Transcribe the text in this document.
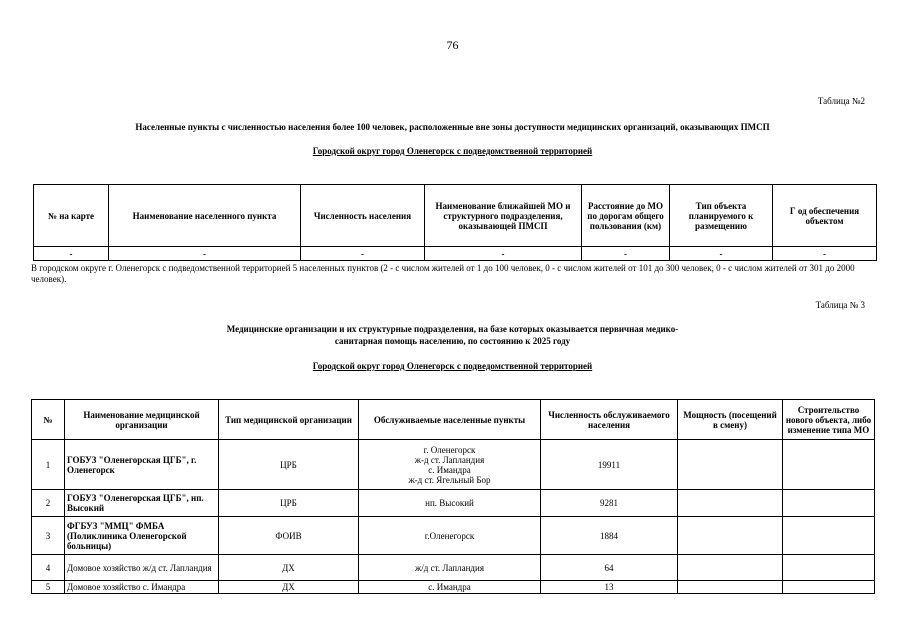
76
Таблица №2
Населенные пункты с численностью населения более 100 человек, расположенные вне зоны доступности медицинских организаций, оказывающих ПМСП
Городской округ город Оленегорск с подведомственной территорией
№ на карте	Наименование населенного пункта	Численность населения	Наименование ближайшей МО и структурного подразделения, оказывающей ПМСП	Расстояние до МО по дорогам общего пользования (км)	Тип объекта планируемого к размещению	Г од обеспечения объектом
-	-	-	-	-	-	-
В городском округе г. Оленегорск с подведомственной территорией 5 населенных пунктов (2 - с числом жителей от 1 до 100 человек, 0 - с числом жителей от 101 до 300 человек, 0 - с числом жителей от 301 до 2000 человек).
Таблица № 3
Медицинские организации и их структурные подразделения, на базе которых оказывается первичная медико-
санитарная помощь населению, по состоянию к 2025 году
Городской округ город Оленегорск с подведомственной территорией
№	Наименование медицинской организации	Тип медицинской организации	Обслуживаемые населенные пункты	Численность обслуживаемого населения	Мощность (посещений в смену)	Строительство нового объекта, либо изменение типа МО
1	ГОБУЗ "Оленегорская ЦГБ", г. Оленегорск	ЦРБ	г. Оленегорск
ж-д ст. Лапландия
с. Имандра
ж-д ст. Ягельный Бор	19911		
2	ГОБУЗ "Оленегорская ЦГБ", нп. Высокий	ЦРБ	нп. Высокий	9281		
3	ФГБУЗ "ММЦ" ФМБА (Поликлиника Оленегорской больницы)	ФОИВ	г.Оленегорск	1884		
4	Домовое хозяйство ж/д ст. Лапландия	ДХ	ж/д ст. Лапландия	64		
5	Домовое хозяйство с. Имандра	ДХ	с. Имандра	13		
